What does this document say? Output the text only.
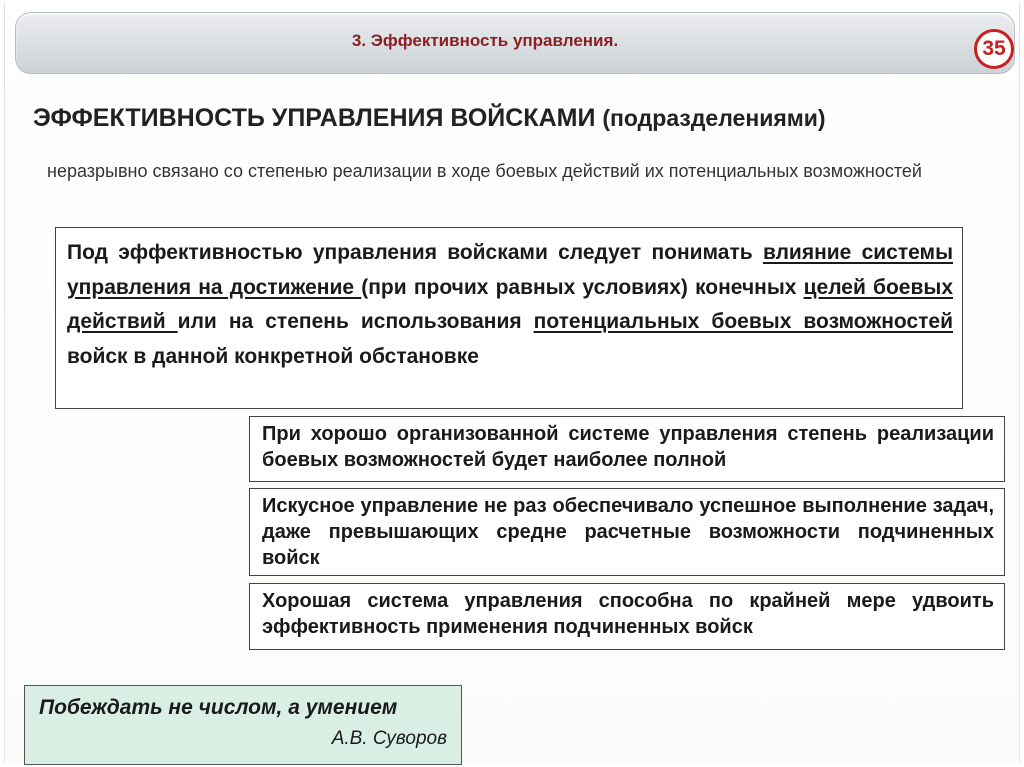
3. Эффективность управления.	35
ЭФФЕКТИВНОСТЬ УПРАВЛЕНИЯ ВОЙСКАМИ (подразделениями)
неразрывно связано со степенью реализации в ходе боевых действий их потенциальных возможностей
Под эффективностью управления войсками следует понимать влияние системы управления на достижение (при прочих равных условиях) конечных целей боевых действий или на степень использования потенциальных боевых возможностей войск в данной конкретной обстановке
При хорошо организованной системе управления степень реализации боевых возможностей будет наиболее полной
Искусное управление не раз обеспечивало успешное выполнение задач, даже превышающих средне расчетные возможности подчиненных войск
Хорошая система управления способна по крайней мере удвоить эффективность применения подчиненных войск
Побеждать не числом, а умением
А.В. Суворов
